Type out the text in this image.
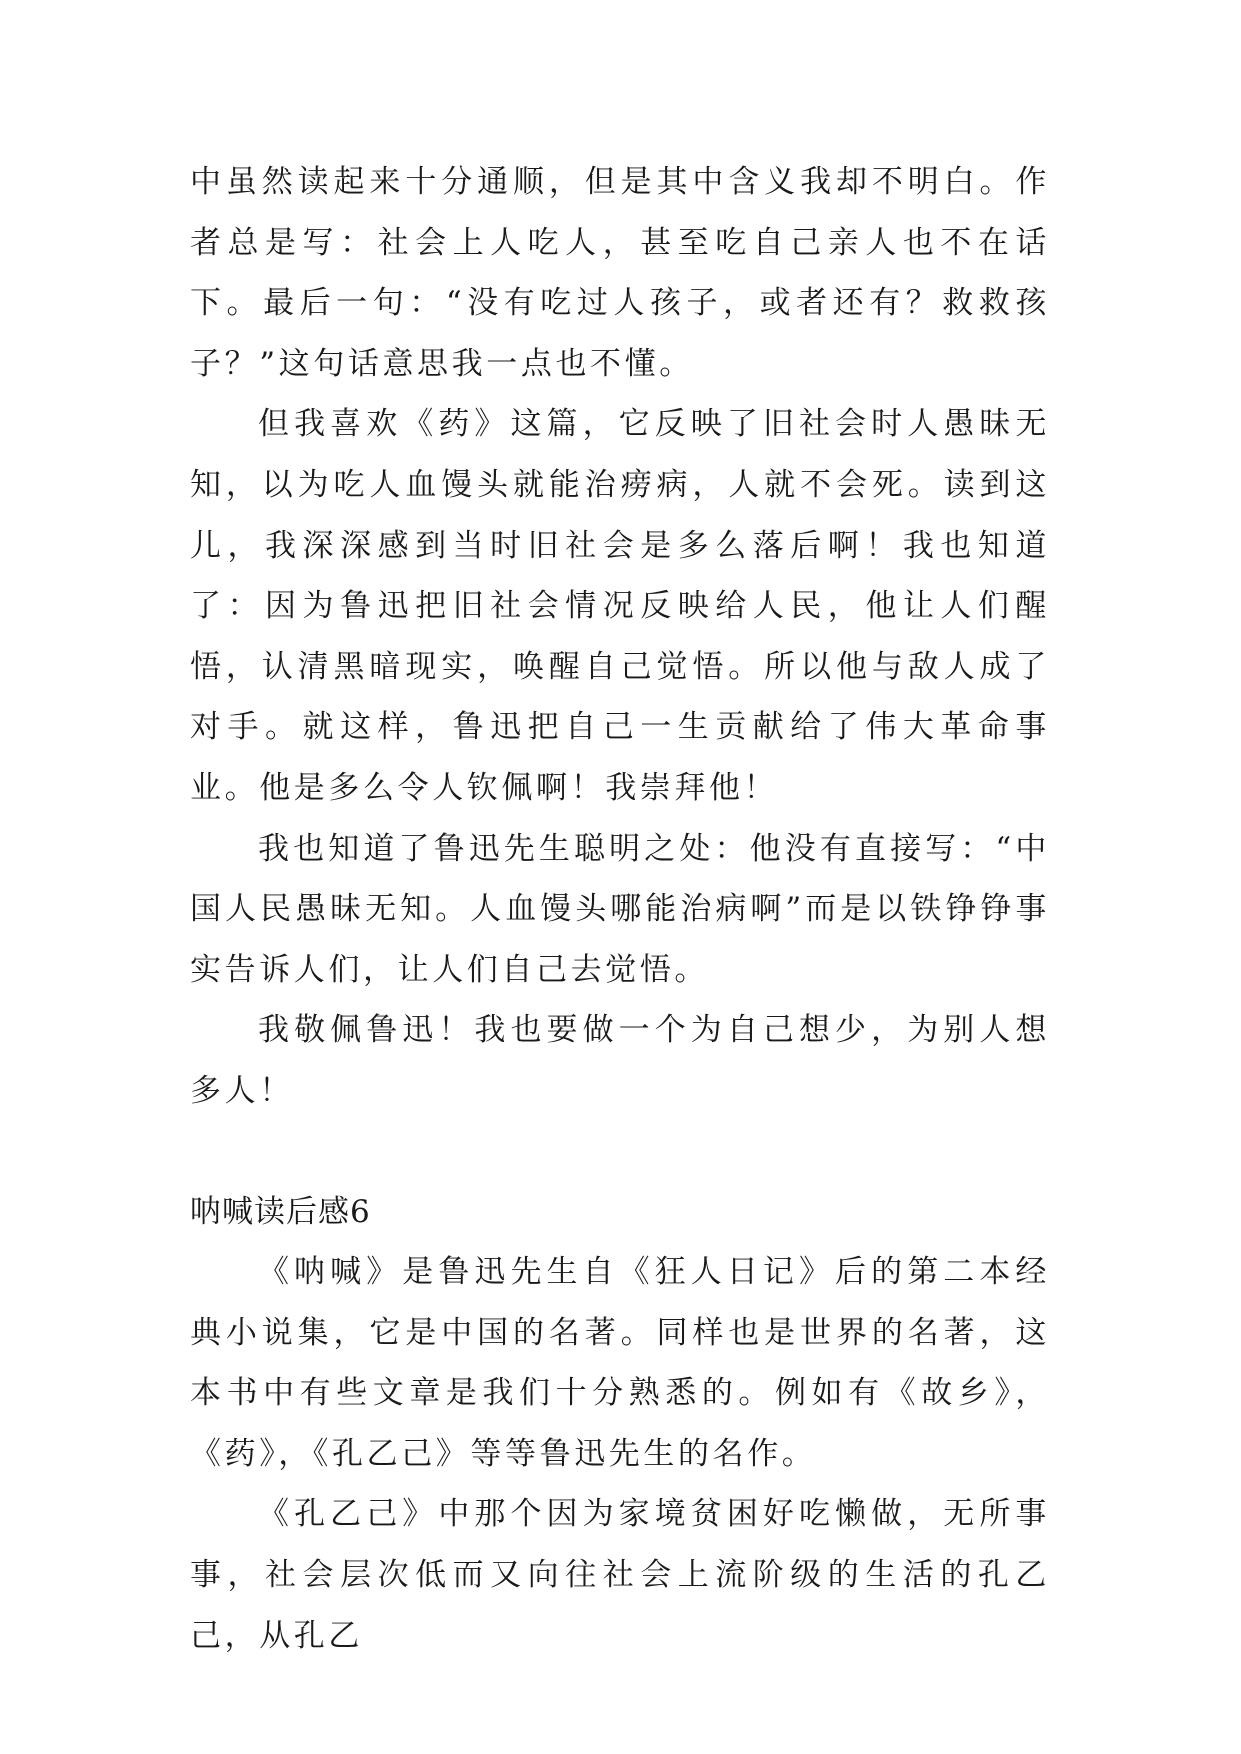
中虽然读起来十分通顺，但是其中含义我却不明白。作者总是写：社会上人吃人，甚至吃自己亲人也不在话下。最后一句：“没有吃过人孩子，或者还有？救救孩子？”这句话意思我一点也不懂。

但我喜欢《药》这篇，它反映了旧社会时人愚昧无知，以为吃人血馒头就能治痨病，人就不会死。读到这儿，我深深感到当时旧社会是多么落后啊！我也知道了：因为鲁迅把旧社会情况反映给人民，他让人们醒悟，认清黑暗现实，唤醒自己觉悟。所以他与敌人成了对手。就这样，鲁迅把自己一生贡献给了伟大革命事业。他是多么令人钦佩啊！我崇拜他！

我也知道了鲁迅先生聪明之处：他没有直接写：“中国人民愚昧无知。人血馒头哪能治病啊”而是以铁铮铮事实告诉人们，让人们自己去觉悟。

我敬佩鲁迅！我也要做一个为自己想少，为别人想多人！

呐喊读后感6

《呐喊》是鲁迅先生自《狂人日记》后的第二本经典小说集，它是中国的名著。同样也是世界的名著，这本书中有些文章是我们十分熟悉的。例如有《故乡》，《药》，《孔乙己》等等鲁迅先生的名作。

《孔乙己》中那个因为家境贫困好吃懒做，无所事事，社会层次低而又向往社会上流阶级的生活的孔乙己，从孔乙
